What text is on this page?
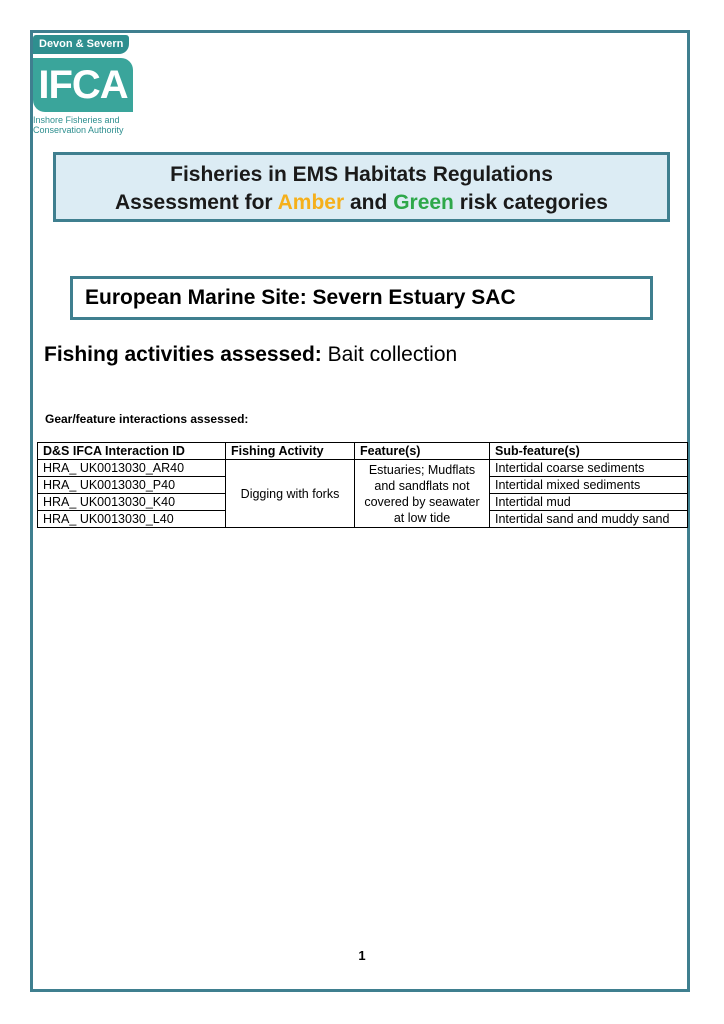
Devon & Severn
IFCA
Inshore Fisheries and
Conservation Authority
Fisheries in EMS Habitats Regulations
Assessment for Amber and Green risk categories
European Marine Site: Severn Estuary SAC
Fishing activities assessed: Bait collection
Gear/feature interactions assessed:
D&S IFCA Interaction ID	Fishing Activity	Feature(s)	Sub-feature(s)
HRA_ UK0013030_AR40	Digging with forks	Estuaries; Mudflats and sandflats not covered by seawater at low tide	Intertidal coarse sediments
HRA_ UK0013030_P40			Intertidal mixed sediments
HRA_ UK0013030_K40			Intertidal mud
HRA_ UK0013030_L40			Intertidal sand and muddy sand
1
